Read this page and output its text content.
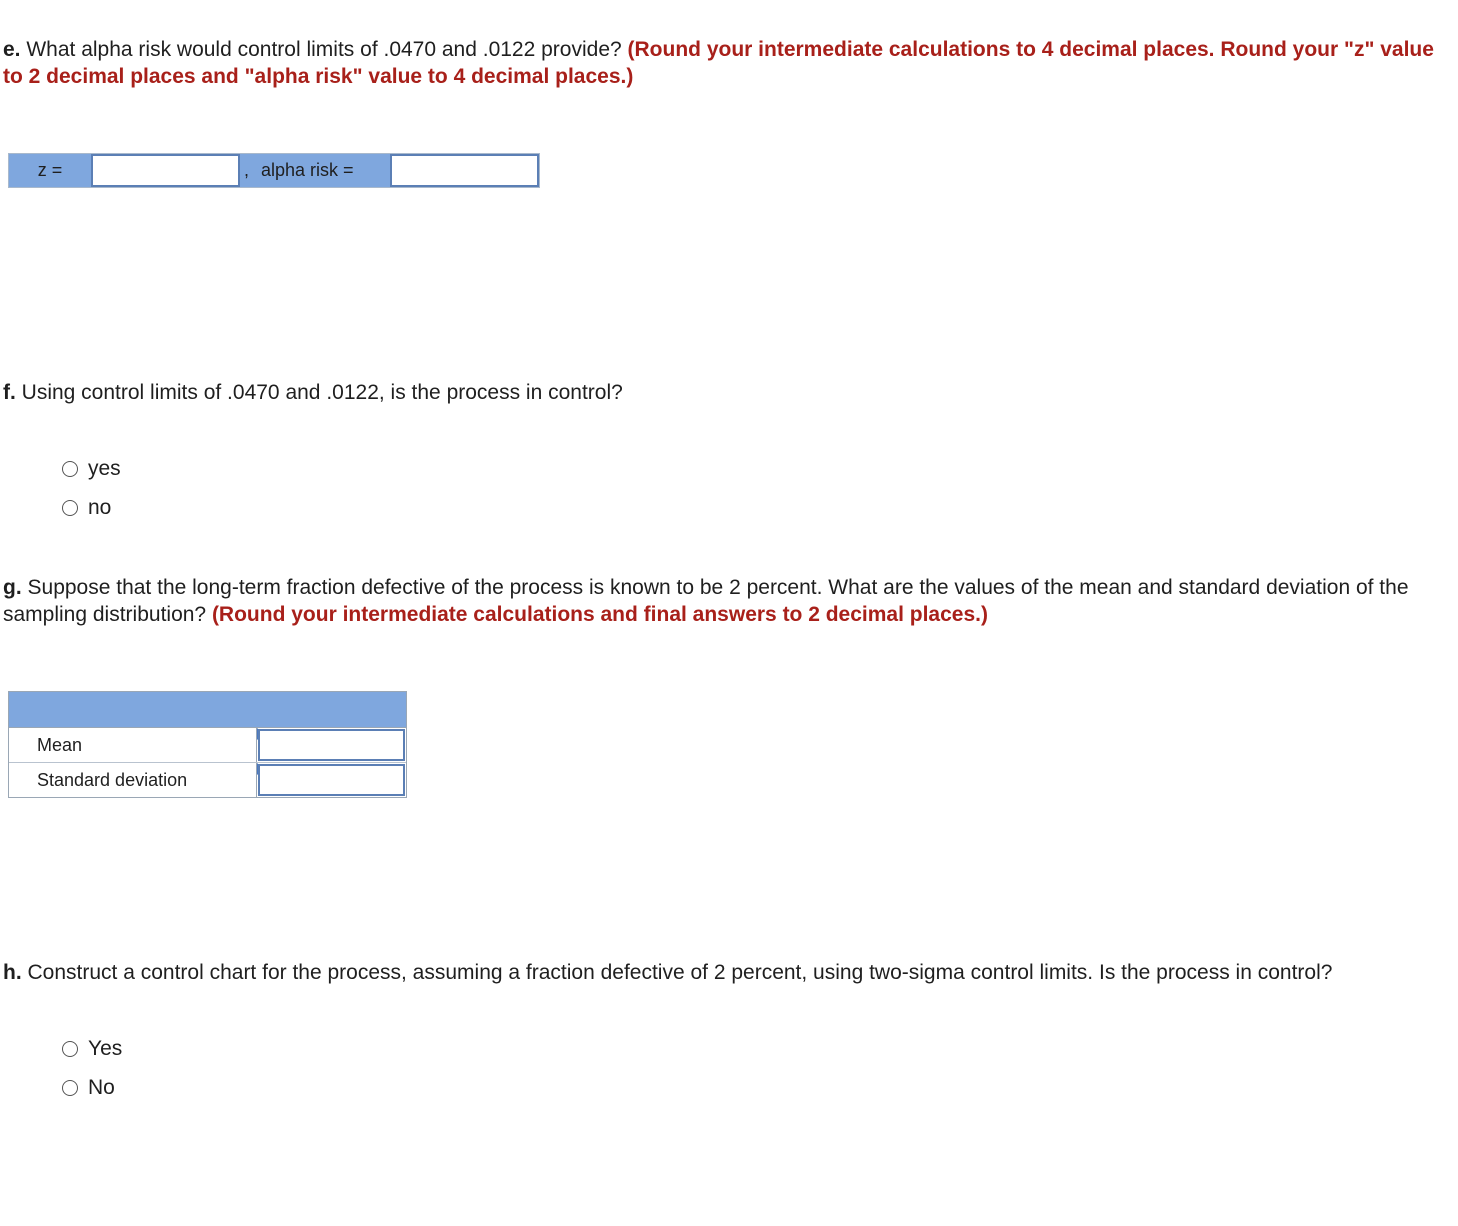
e. What alpha risk would control limits of .0470 and .0122 provide? (Round your intermediate calculations to 4 decimal places. Round your "z" value to 2 decimal places and "alpha risk" value to 4 decimal places.)
z =	, alpha risk =
f. Using control limits of .0470 and .0122, is the process in control?
yes
no
g. Suppose that the long-term fraction defective of the process is known to be 2 percent. What are the values of the mean and standard deviation of the sampling distribution? (Round your intermediate calculations and final answers to 2 decimal places.)
Mean
Standard deviation
h. Construct a control chart for the process, assuming a fraction defective of 2 percent, using two-sigma control limits. Is the process in control?
Yes
No
